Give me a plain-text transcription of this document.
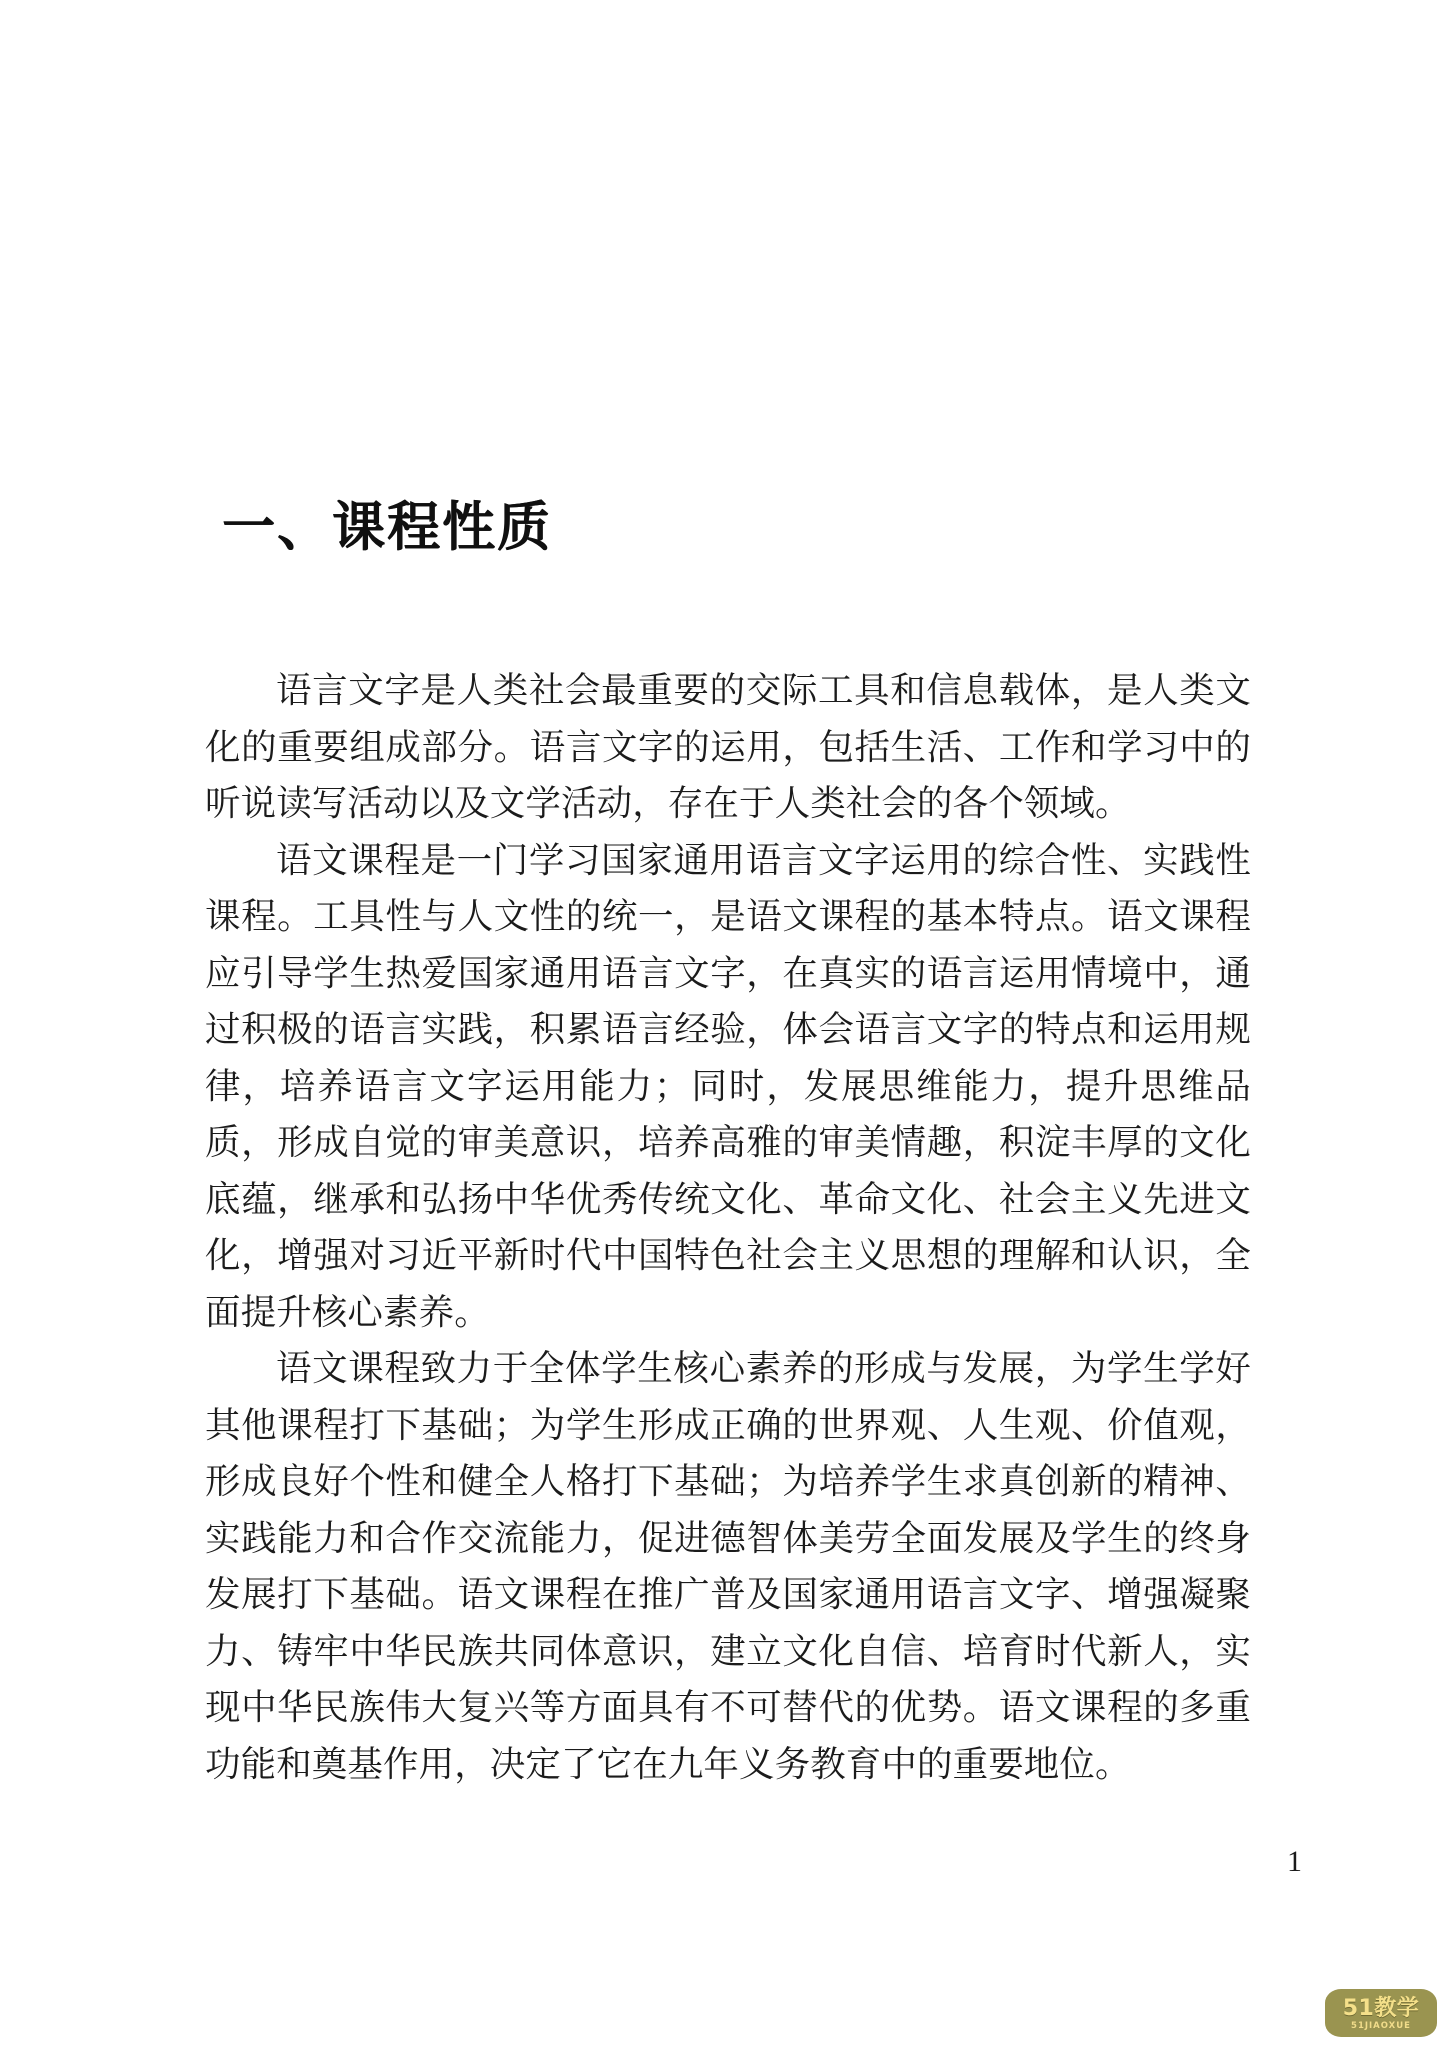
一、课程性质

语言文字是人类社会最重要的交际工具和信息载体，是人类文化的重要组成部分。语言文字的运用，包括生活、工作和学习中的听说读写活动以及文学活动，存在于人类社会的各个领域。

语文课程是一门学习国家通用语言文字运用的综合性、实践性课程。工具性与人文性的统一，是语文课程的基本特点。语文课程应引导学生热爱国家通用语言文字，在真实的语言运用情境中，通过积极的语言实践，积累语言经验，体会语言文字的特点和运用规律，培养语言文字运用能力；同时，发展思维能力，提升思维品质，形成自觉的审美意识，培养高雅的审美情趣，积淀丰厚的文化底蕴，继承和弘扬中华优秀传统文化、革命文化、社会主义先进文化，增强对习近平新时代中国特色社会主义思想的理解和认识，全面提升核心素养。

语文课程致力于全体学生核心素养的形成与发展，为学生学好其他课程打下基础；为学生形成正确的世界观、人生观、价值观，形成良好个性和健全人格打下基础；为培养学生求真创新的精神、实践能力和合作交流能力，促进德智体美劳全面发展及学生的终身发展打下基础。语文课程在推广普及国家通用语言文字、增强凝聚力、铸牢中华民族共同体意识，建立文化自信、培育时代新人，实现中华民族伟大复兴等方面具有不可替代的优势。语文课程的多重功能和奠基作用，决定了它在九年义务教育中的重要地位。

1
51教学
51JIAOXUE
